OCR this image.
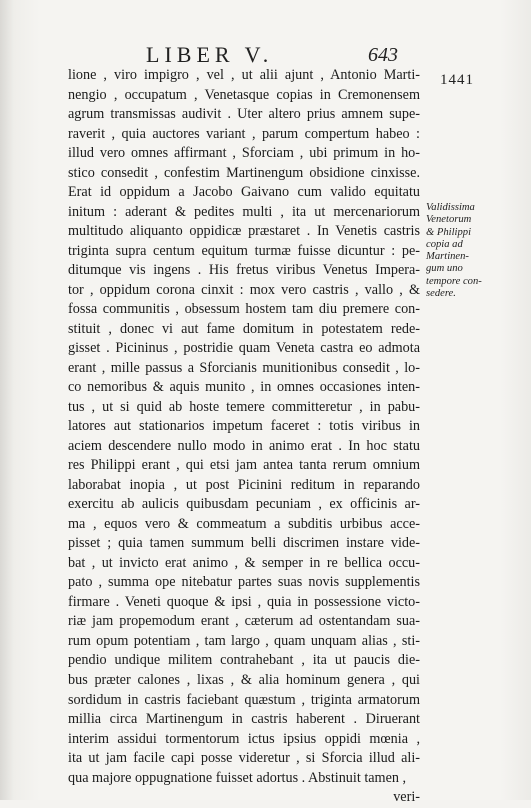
LIBER V.	643
1441
lione , viro impigro , vel , ut alii ajunt , Antonio Marti-
nengio , occupatum , Venetasque copias in Cremonensem
agrum transmissas audivit . Uter altero prius amnem supe-
raverit , quia auctores variant , parum compertum habeo :
illud vero omnes affirmant , Sforciam , ubi primum in ho-
stico consedit , confestim Martinengum obsidione cinxisse.
Erat id oppidum a Jacobo Gaivano cum valido equitatu
initum : aderant & pedites multi , ita ut mercenariorum
multitudo aliquanto oppidicæ præstaret . In Venetis castris
triginta supra centum equitum turmæ fuisse dicuntur : pe-
ditumque vis ingens . His fretus viribus Venetus Impera-
tor , oppidum corona cinxit : mox vero castris , vallo , &
fossa communitis , obsessum hostem tam diu premere con-
stituit , donec vi aut fame domitum in potestatem rede-
gisset . Picininus , postridie quam Veneta castra eo admota
erant , mille passus a Sforcianis munitionibus consedit , lo-
co nemoribus & aquis munito , in omnes occasiones inten-
tus , ut si quid ab hoste temere committeretur , in pabu-
latores aut stationarios impetum faceret : totis viribus in
aciem descendere nullo modo in animo erat . In hoc statu
res Philippi erant , qui etsi jam antea tanta rerum omnium
laborabat inopia , ut post Picinini reditum in reparando
exercitu ab aulicis quibusdam pecuniam , ex officinis ar-
ma , equos vero & commeatum a subditis urbibus acce-
pisset ; quia tamen summum belli discrimen instare vide-
bat , ut invicto erat animo , & semper in re bellica occu-
pato , summa ope nitebatur partes suas novis supplementis
firmare . Veneti quoque & ipsi , quia in possessione victo-
riæ jam propemodum erant , cæterum ad ostentandam sua-
rum opum potentiam , tam largo , quam unquam alias , sti-
pendio undique militem contrahebant , ita ut paucis die-
bus præter calones , lixas , & alia hominum genera , qui
sordidum in castris faciebant quæstum , triginta armatorum
millia circa Martinengum in castris haberent . Diruerant
interim assidui tormentorum ictus ipsius oppidi mœnia ,
ita ut jam facile capi posse videretur , si Sforcia illud ali-
qua majore oppugnatione fuisset adortus . Abstinuit tamen ,
veri-
Validissima
Venetorum
& Philippi
copia ad
Martinen-
gum uno
tempore con-
sedere.
